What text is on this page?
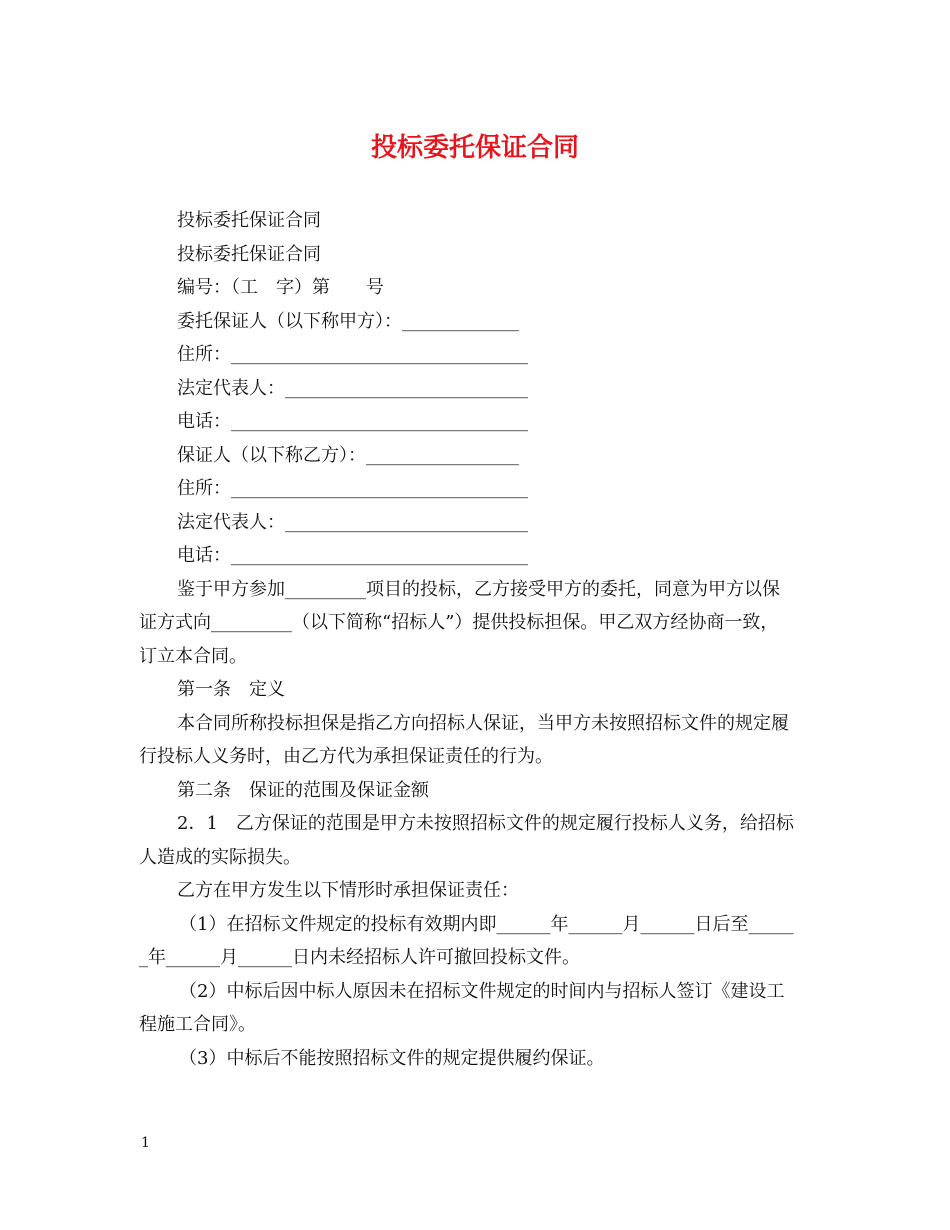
投标委托保证合同
投标委托保证合同
投标委托保证合同
编号：（工　字）第　　号
委托保证人（以下称甲方）：_____________
住所：_________________________________
法定代表人：___________________________
电话：_________________________________
保证人（以下称乙方）：_________________
住所：_________________________________
法定代表人：___________________________
电话：_________________________________
鉴于甲方参加_________项目的投标，乙方接受甲方的委托，同意为甲方以保
证方式向_________（以下简称“招标人”）提供投标担保。甲乙双方经协商一致，
订立本合同。
第一条　定义
本合同所称投标担保是指乙方向招标人保证，当甲方未按照招标文件的规定履
行投标人义务时，由乙方代为承担保证责任的行为。
第二条　保证的范围及保证金额
2．1　乙方保证的范围是甲方未按照招标文件的规定履行投标人义务，给招标
人造成的实际损失。
乙方在甲方发生以下情形时承担保证责任：
（1）在招标文件规定的投标有效期内即______年______月______日后至_____
_年______月______日内未经招标人许可撤回投标文件。
（2）中标后因中标人原因未在招标文件规定的时间内与招标人签订《建设工
程施工合同》。
（3）中标后不能按照招标文件的规定提供履约保证。
1
